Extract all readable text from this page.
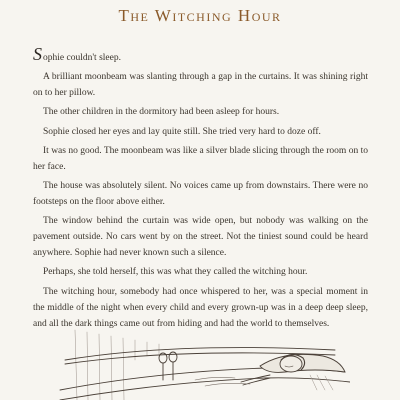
The Witching Hour

Sophie couldn't sleep.

A brilliant moonbeam was slanting through a gap in the curtains. It was shining right on to her pillow.

The other children in the dormitory had been asleep for hours.

Sophie closed her eyes and lay quite still. She tried very hard to doze off.

It was no good. The moonbeam was like a silver blade slicing through the room on to her face.

The house was absolutely silent. No voices came up from downstairs. There were no footsteps on the floor above either.

The window behind the curtain was wide open, but nobody was walking on the pavement outside. No cars went by on the street. Not the tiniest sound could be heard anywhere. Sophie had never known such a silence.

Perhaps, she told herself, this was what they called the witching hour.

The witching hour, somebody had once whispered to her, was a special moment in the middle of the night when every child and every grown-up was in a deep deep sleep, and all the dark things came out from hiding and had the world to themselves.
